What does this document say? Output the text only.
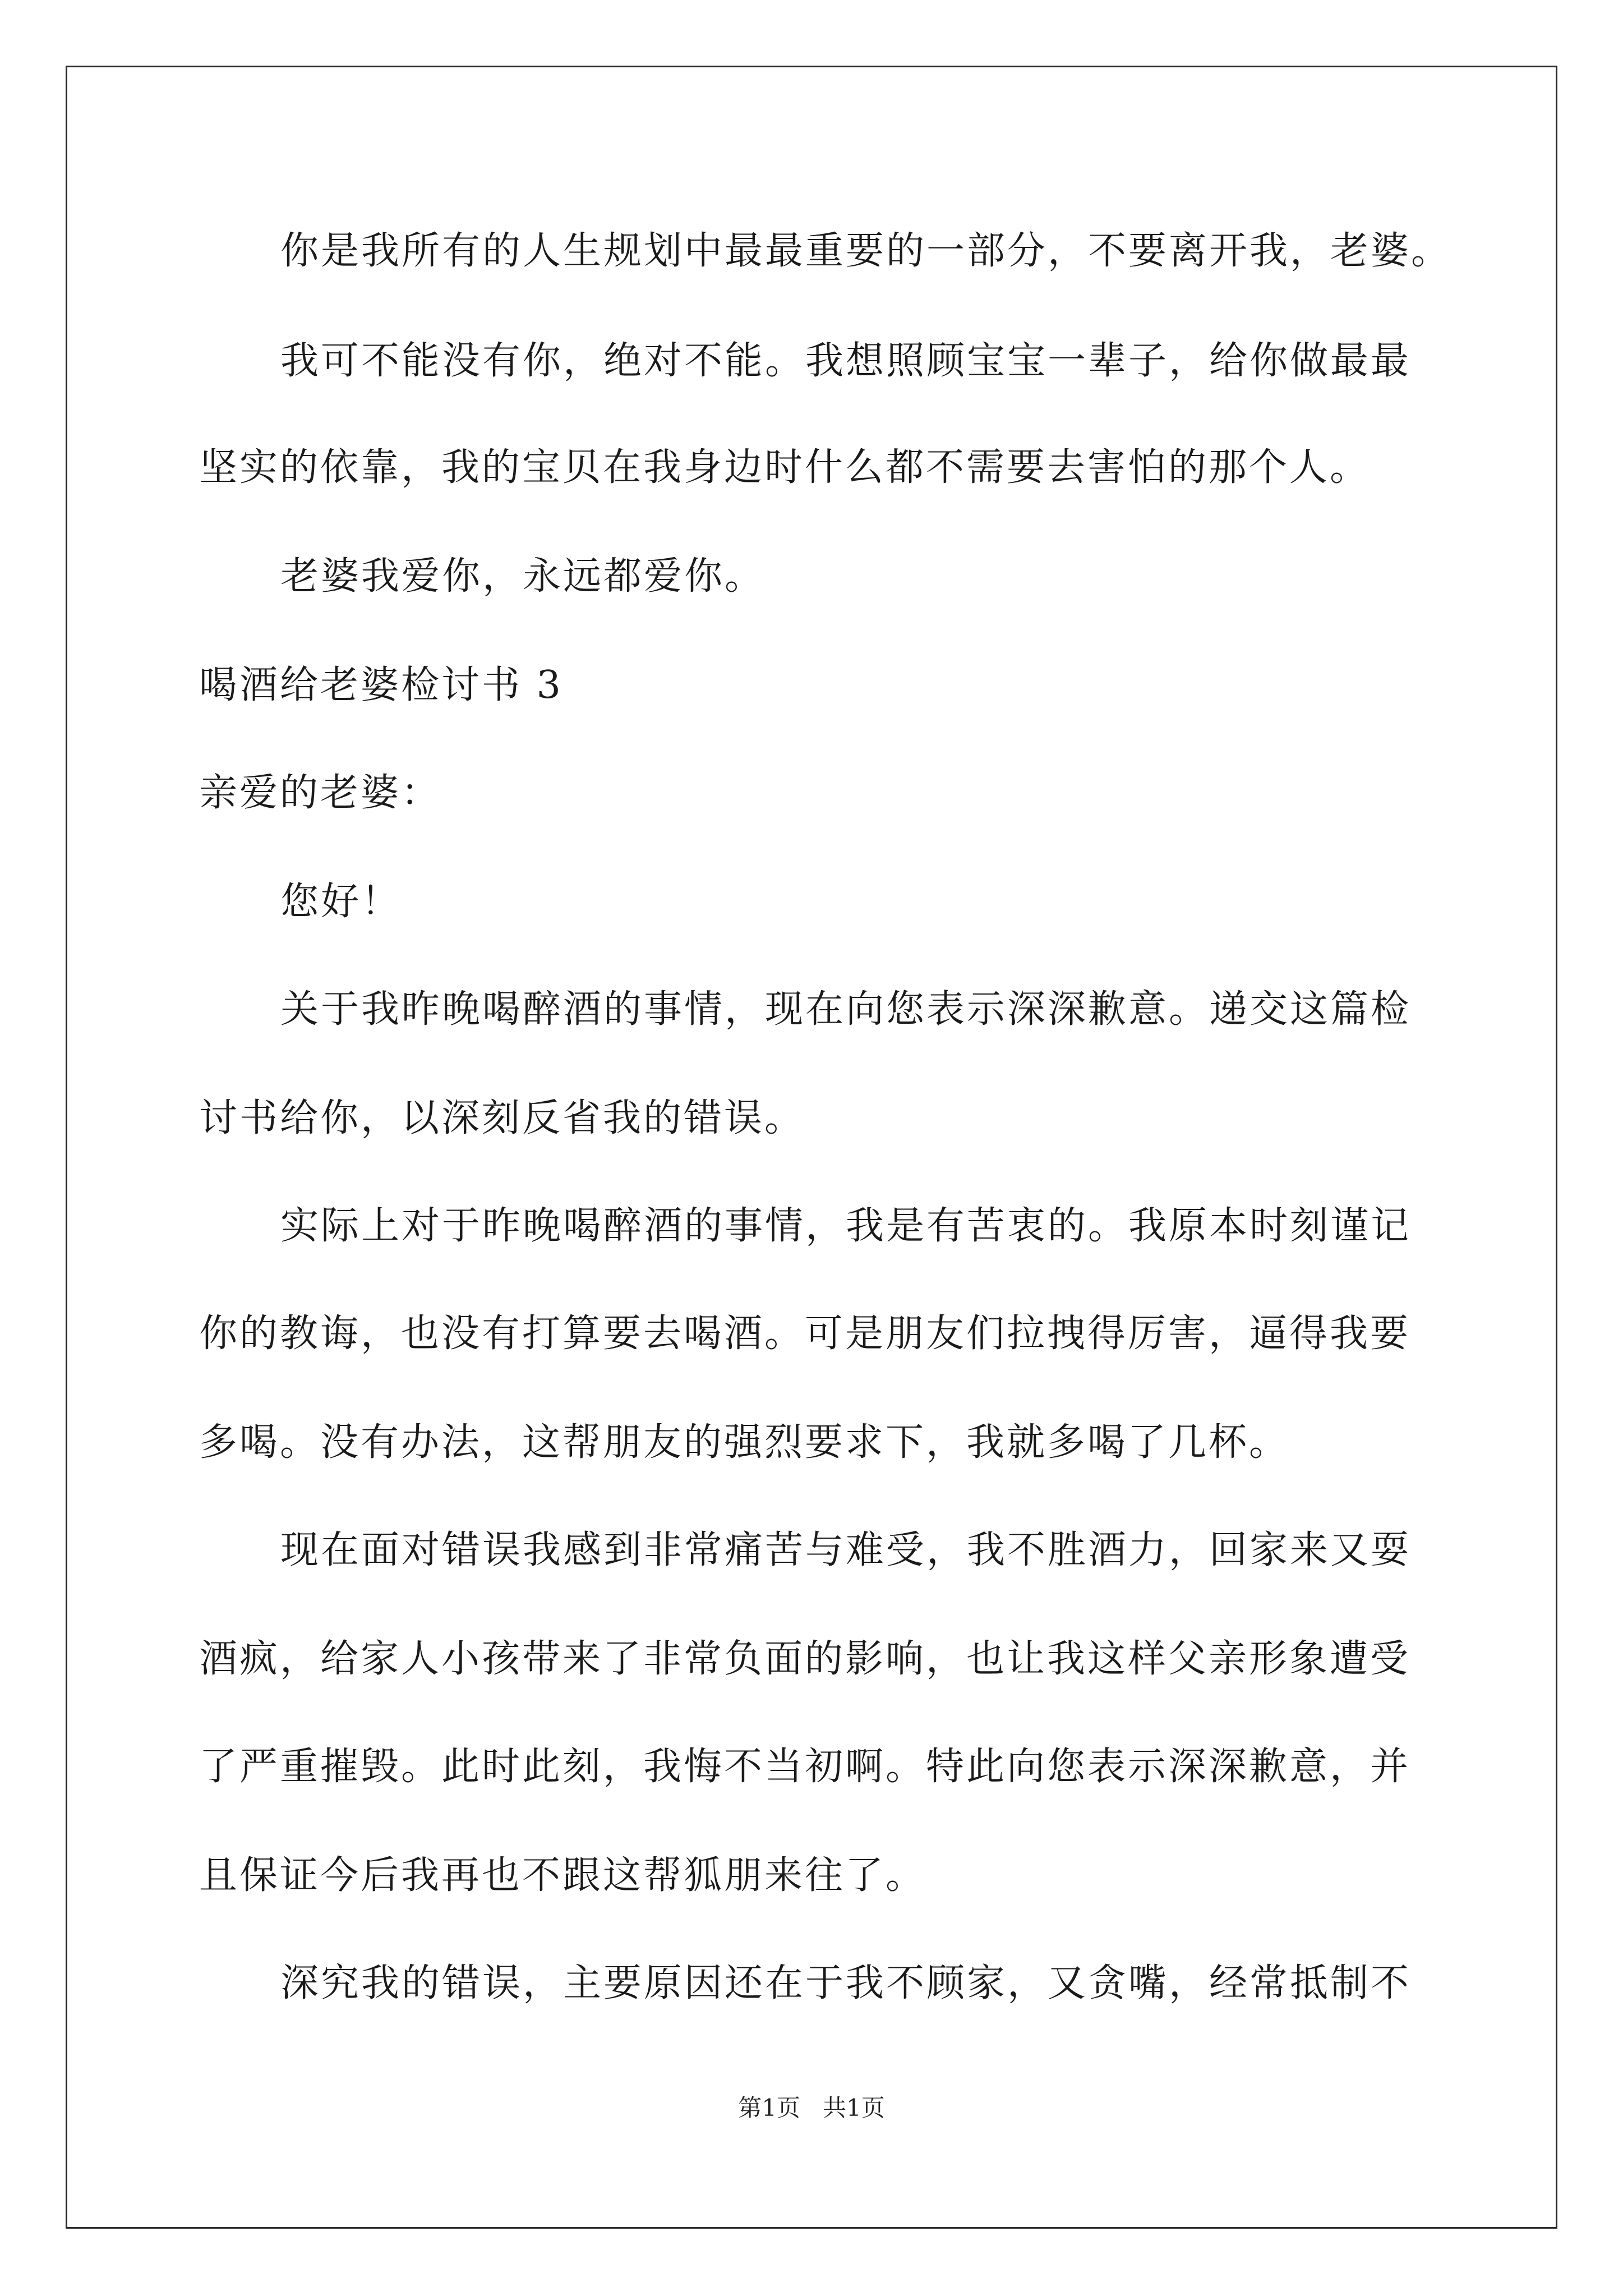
你是我所有的人生规划中最最重要的一部分，不要离开我，老婆。
我可不能没有你，绝对不能。我想照顾宝宝一辈子，给你做最最
坚实的依靠，我的宝贝在我身边时什么都不需要去害怕的那个人。
老婆我爱你，永远都爱你。
喝酒给老婆检讨书 3
亲爱的老婆：
您好！
关于我昨晚喝醉酒的事情，现在向您表示深深歉意。递交这篇检
讨书给你，以深刻反省我的错误。
实际上对于昨晚喝醉酒的事情，我是有苦衷的。我原本时刻谨记
你的教诲，也没有打算要去喝酒。可是朋友们拉拽得厉害，逼得我要
多喝。没有办法，这帮朋友的强烈要求下，我就多喝了几杯。
现在面对错误我感到非常痛苦与难受，我不胜酒力，回家来又耍
酒疯，给家人小孩带来了非常负面的影响，也让我这样父亲形象遭受
了严重摧毁。此时此刻，我悔不当初啊。特此向您表示深深歉意，并
且保证今后我再也不跟这帮狐朋来往了。
深究我的错误，主要原因还在于我不顾家，又贪嘴，经常抵制不
第1页   共1页
